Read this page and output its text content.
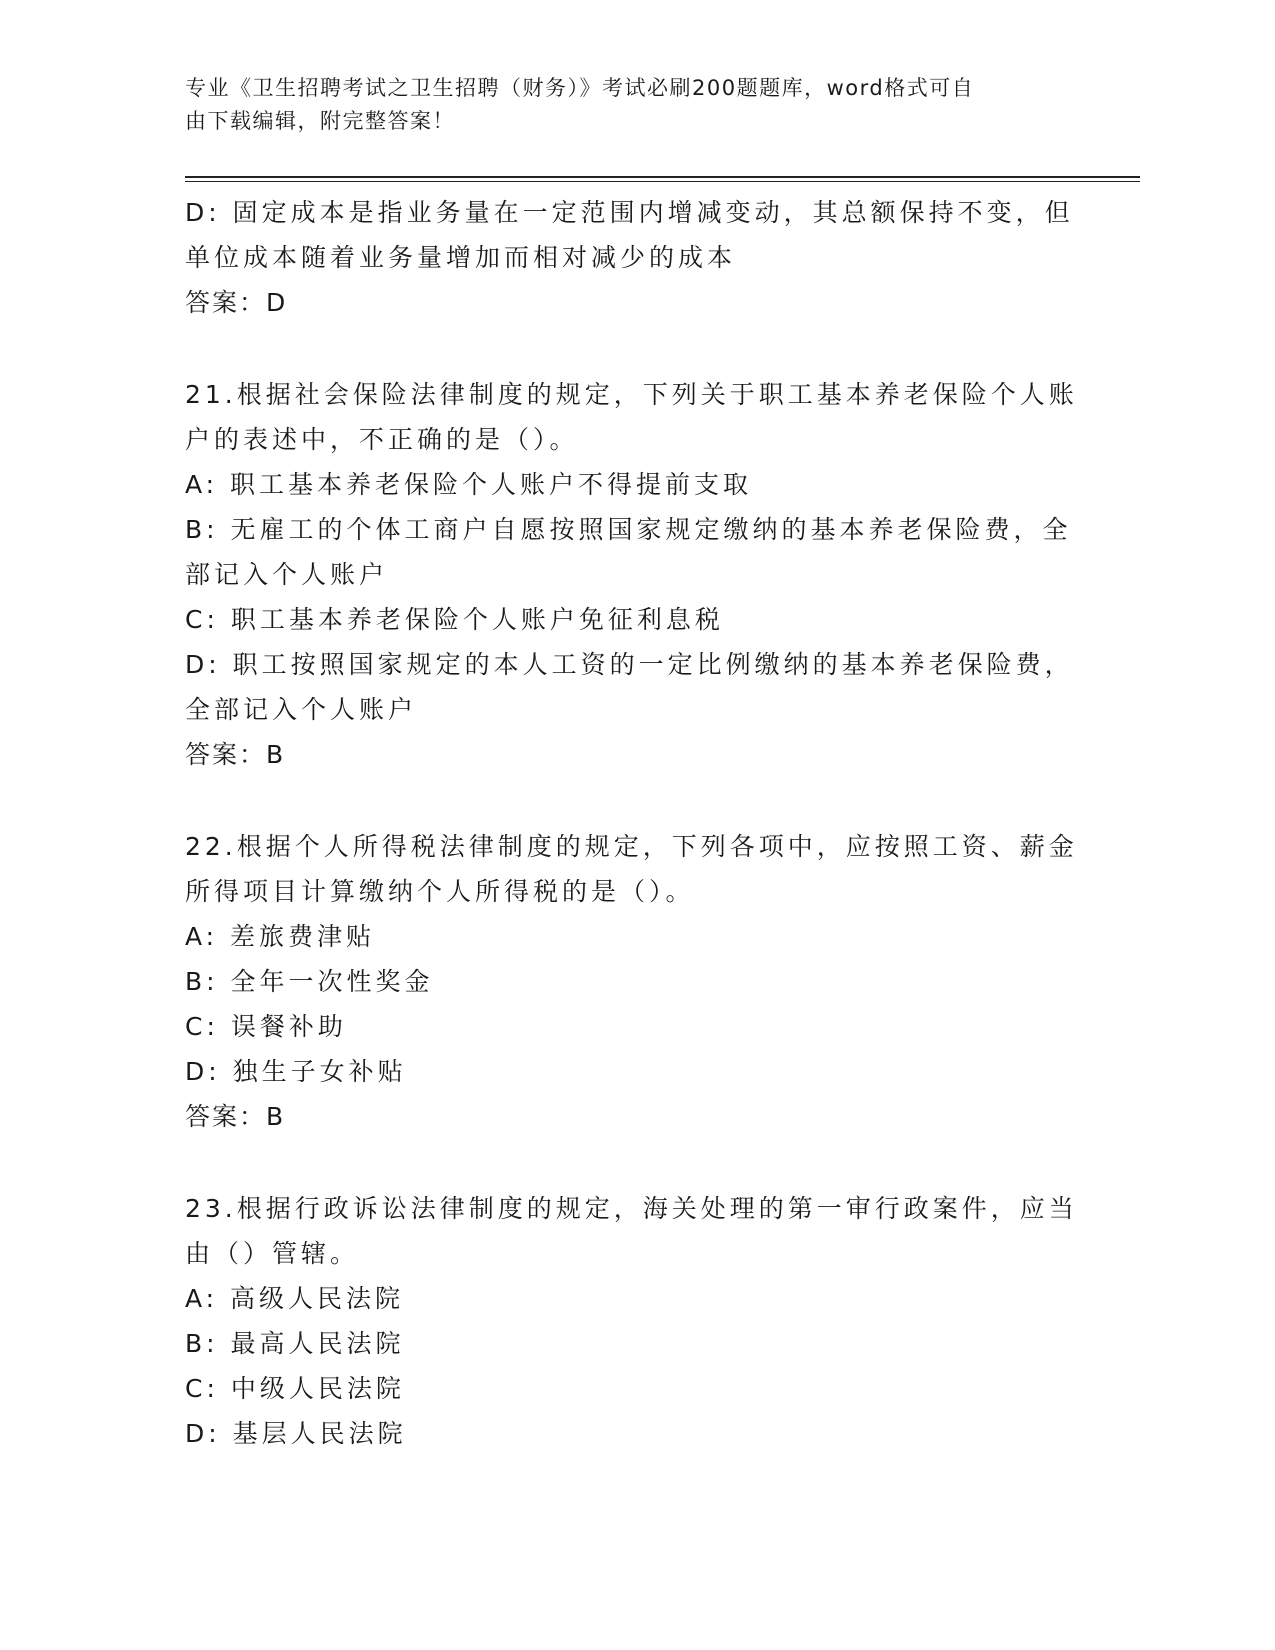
专业《卫生招聘考试之卫生招聘（财务）》考试必刷200题题库，word格式可自
由下载编辑，附完整答案！
D: 固定成本是指业务量在一定范围内增减变动，其总额保持不变，但
单位成本随着业务量增加而相对减少的成本
答案：D
21.根据社会保险法律制度的规定，下列关于职工基本养老保险个人账
户的表述中，不正确的是（）。
A: 职工基本养老保险个人账户不得提前支取
B: 无雇工的个体工商户自愿按照国家规定缴纳的基本养老保险费，全
部记入个人账户
C: 职工基本养老保险个人账户免征利息税
D: 职工按照国家规定的本人工资的一定比例缴纳的基本养老保险费，
全部记入个人账户
答案：B
22.根据个人所得税法律制度的规定，下列各项中，应按照工资、薪金
所得项目计算缴纳个人所得税的是（）。
A: 差旅费津贴
B: 全年一次性奖金
C: 误餐补助
D: 独生子女补贴
答案：B
23.根据行政诉讼法律制度的规定，海关处理的第一审行政案件，应当
由（）管辖。
A: 高级人民法院
B: 最高人民法院
C: 中级人民法院
D: 基层人民法院
